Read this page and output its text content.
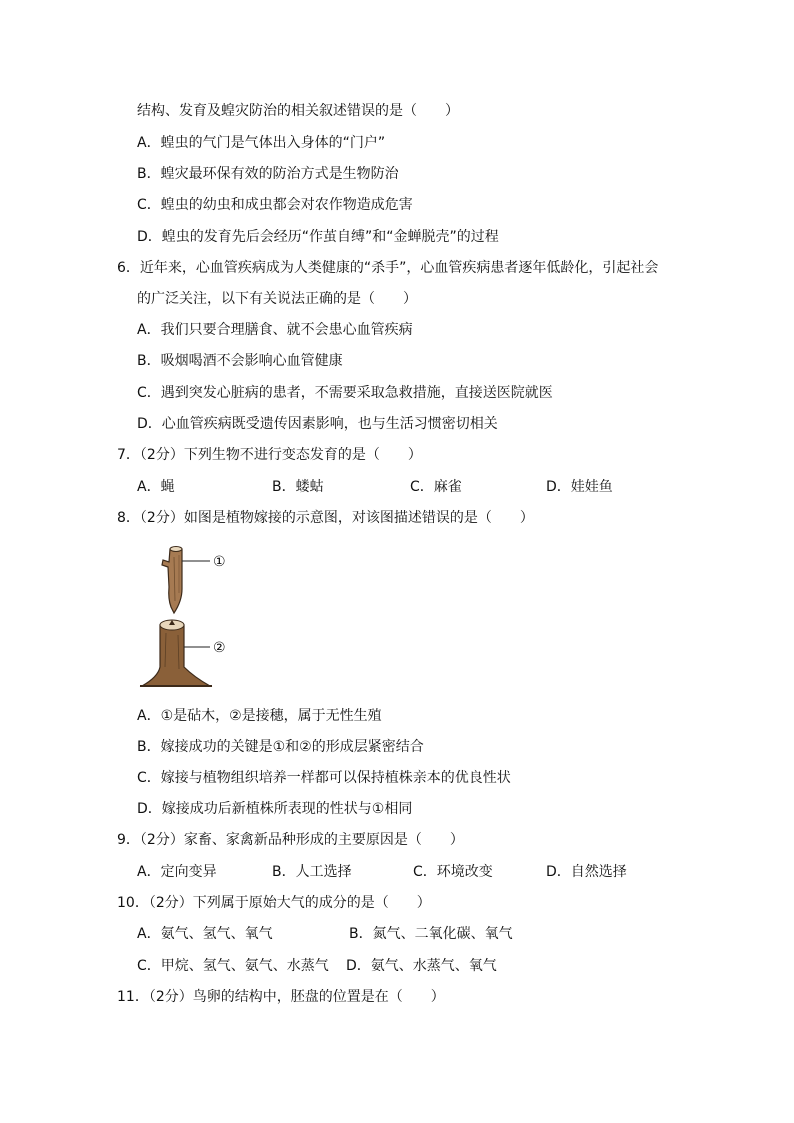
结构、发育及蝗灾防治的相关叙述错误的是（　　）
A．蝗虫的气门是气体出入身体的“门户”
B．蝗灾最环保有效的防治方式是生物防治
C．蝗虫的幼虫和成虫都会对农作物造成危害
D．蝗虫的发育先后会经历“作茧自缚”和“金蝉脱壳”的过程
6．近年来，心血管疾病成为人类健康的“杀手”，心血管疾病患者逐年低龄化，引起社会
的广泛关注，以下有关说法正确的是（　　）
A．我们只要合理膳食、就不会患心血管疾病
B．吸烟喝酒不会影响心血管健康
C．遇到突发心脏病的患者，不需要采取急救措施，直接送医院就医
D．心血管疾病既受遗传因素影响，也与生活习惯密切相关
7．（2分）下列生物不进行变态发育的是（　　）
A．蝇	B．蝼蛄	C．麻雀	D．娃娃鱼
8．（2分）如图是植物嫁接的示意图，对该图描述错误的是（　　）
①
②
A．①是砧木，②是接穗，属于无性生殖
B．嫁接成功的关键是①和②的形成层紧密结合
C．嫁接与植物组织培养一样都可以保持植株亲本的优良性状
D．嫁接成功后新植株所表现的性状与①相同
9．（2分）家畜、家禽新品种形成的主要原因是（　　）
A．定向变异	B．人工选择	C．环境改变	D．自然选择
10．（2分）下列属于原始大气的成分的是（　　）
A．氨气、氢气、氧气	B．氮气、二氧化碳、氧气
C．甲烷、氢气、氨气、水蒸气 D．氨气、水蒸气、氧气
11．（2分）鸟卵的结构中，胚盘的位置是在（　　）
